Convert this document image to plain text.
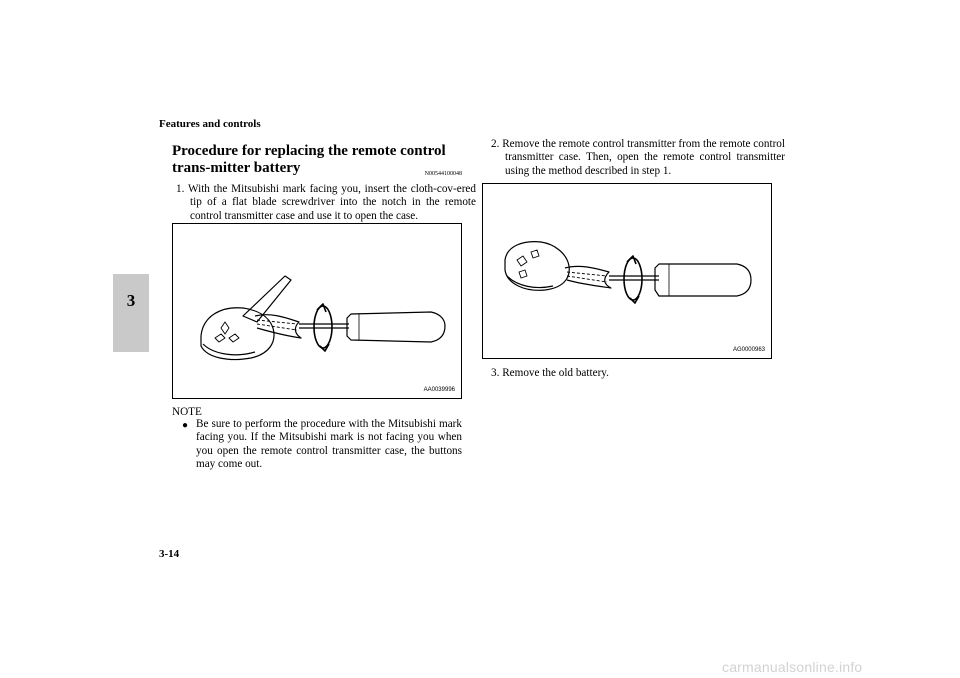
Features and controls
3
Procedure for replacing the remote control trans-mitter battery	N00544100048
1. With the Mitsubishi mark facing you, insert the cloth-cov-ered tip of a flat blade screwdriver into the notch in the remote control transmitter case and use it to open the case.
AA0039996
NOTE
● Be sure to perform the procedure with the Mitsubishi mark facing you. If the Mitsubishi mark is not facing you when you open the remote control transmitter case, the buttons may come out.
2. Remove the remote control transmitter from the remote control transmitter case. Then, open the remote control transmitter using the method described in step 1.
AG0000963
3. Remove the old battery.
3-14
carmanualsonline.info
